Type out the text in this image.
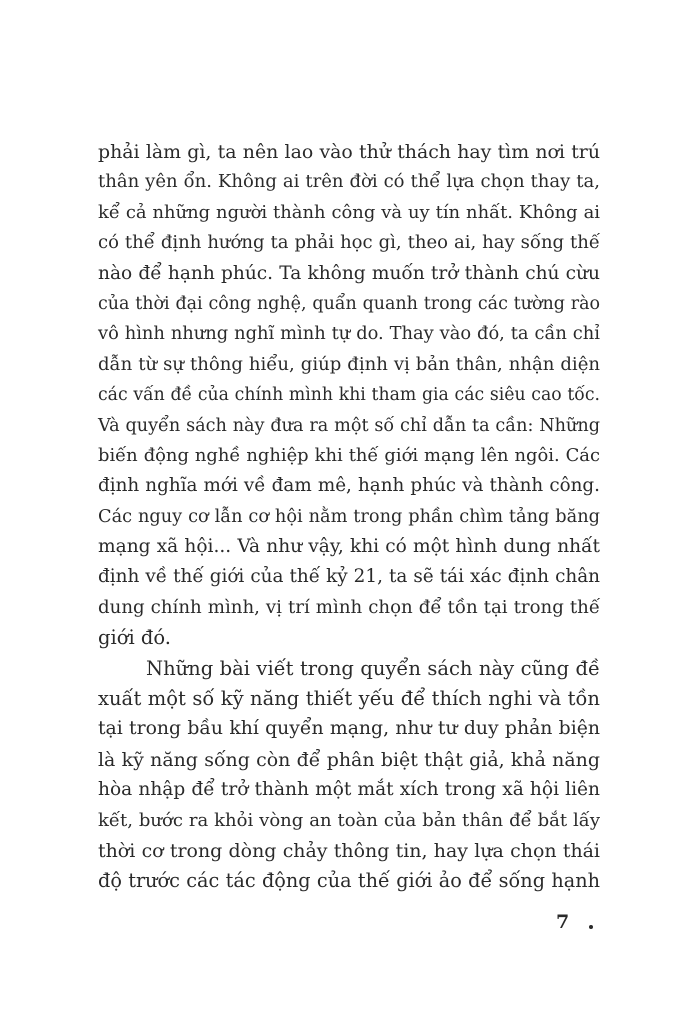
phải làm gì, ta nên lao vào thử thách hay tìm nơi trú
thân yên ổn. Không ai trên đời có thể lựa chọn thay ta,
kể cả những người thành công và uy tín nhất. Không ai
có thể định hướng ta phải học gì, theo ai, hay sống thế
nào để hạnh phúc. Ta không muốn trở thành chú cừu
của thời đại công nghệ, quẩn quanh trong các tường rào
vô hình nhưng nghĩ mình tự do. Thay vào đó, ta cần chỉ
dẫn từ sự thông hiểu, giúp định vị bản thân, nhận diện
các vấn đề của chính mình khi tham gia các siêu cao tốc.
Và quyển sách này đưa ra một số chỉ dẫn ta cần: Những
biến động nghề nghiệp khi thế giới mạng lên ngôi. Các
định nghĩa mới về đam mê, hạnh phúc và thành công.
Các nguy cơ lẫn cơ hội nằm trong phần chìm tảng băng
mạng xã hội... Và như vậy, khi có một hình dung nhất
định về thế giới của thế kỷ 21, ta sẽ tái xác định chân
dung chính mình, vị trí mình chọn để tồn tại trong thế
giới đó.
Những bài viết trong quyển sách này cũng đề
xuất một số kỹ năng thiết yếu để thích nghi và tồn
tại trong bầu khí quyển mạng, như tư duy phản biện
là kỹ năng sống còn để phân biệt thật giả, khả năng
hòa nhập để trở thành một mắt xích trong xã hội liên
kết, bước ra khỏi vòng an toàn của bản thân để bắt lấy
thời cơ trong dòng chảy thông tin, hay lựa chọn thái
độ trước các tác động của thế giới ảo để sống hạnh
7
